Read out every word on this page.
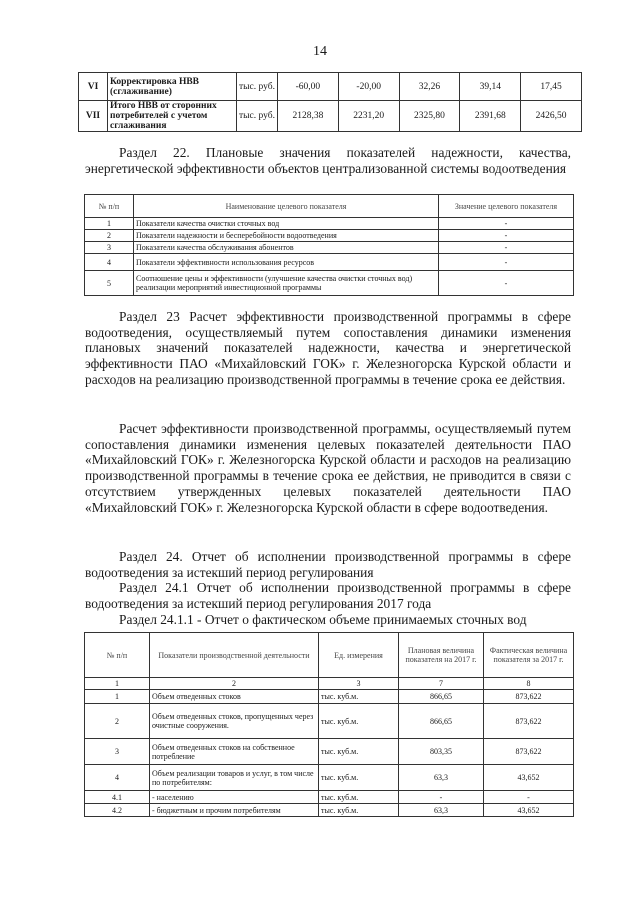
14
VI	Корректировка НВВ (сглаживание)	тыс. руб.	-60,00	-20,00	32,26	39,14	17,45
VII	Итого НВВ от сторонних потребителей с учетом сглаживания	тыс. руб.	2128,38	2231,20	2325,80	2391,68	2426,50

Раздел 22. Плановые значения показателей надежности, качества, энергетической эффективности объектов централизованной системы водоотведения

№ п/п	Наименование целевого показателя	Значение целевого показателя
1	Показатели качества очистки сточных вод	-
2	Показатели надежности и бесперебойности водоотведения	-
3	Показатели качества обслуживания абонентов	-
4	Показатели эффективности использования ресурсов	-
5	Соотношение цены и эффективности (улучшение качества очистки сточных вод) реализации мероприятий инвестиционной программы	-

Раздел 23 Расчет эффективности производственной программы в сфере водоотведения, осуществляемый путем сопоставления динамики изменения плановых значений показателей надежности, качества и энергетической эффективности ПАО «Михайловский ГОК» г. Железногорска Курской области и расходов на реализацию производственной программы в течение срока ее действия.

Расчет эффективности производственной программы, осуществляемый путем сопоставления динамики изменения целевых показателей деятельности ПАО «Михайловский ГОК» г. Железногорска Курской области и расходов на реализацию производственной программы в течение срока ее действия, не приводится в связи с отсутствием утвержденных целевых показателей деятельности ПАО «Михайловский ГОК» г. Железногорска Курской области в сфере водоотведения.

Раздел 24. Отчет об исполнении производственной программы в сфере водоотведения за истекший период регулирования

Раздел 24.1 Отчет об исполнении производственной программы в сфере водоотведения за истекший период регулирования 2017 года

Раздел 24.1.1 - Отчет о фактическом объеме принимаемых сточных вод

№ п/п	Показатели производственной деятельности	Ед. измерения	Плановая величина показателя на 2017 г.	Фактическая величина показателя за 2017 г.
1	2	3	7	8
1	Объем отведенных стоков	тыс. куб.м.	866,65	873,622
2	Объем отведенных стоков, пропущенных через очистные сооружения.	тыс. куб.м.	866,65	873,622
3	Объем отведенных стоков на собственное потребление	тыс. куб.м.	803,35	873,622
4	Объем реализации товаров и услуг, в том числе по потребителям:	тыс. куб.м.	63,3	43,652
4.1	- населению	тыс. куб.м.	-	-
4.2	- бюджетным и прочим потребителям	тыс. куб.м.	63,3	43,652
